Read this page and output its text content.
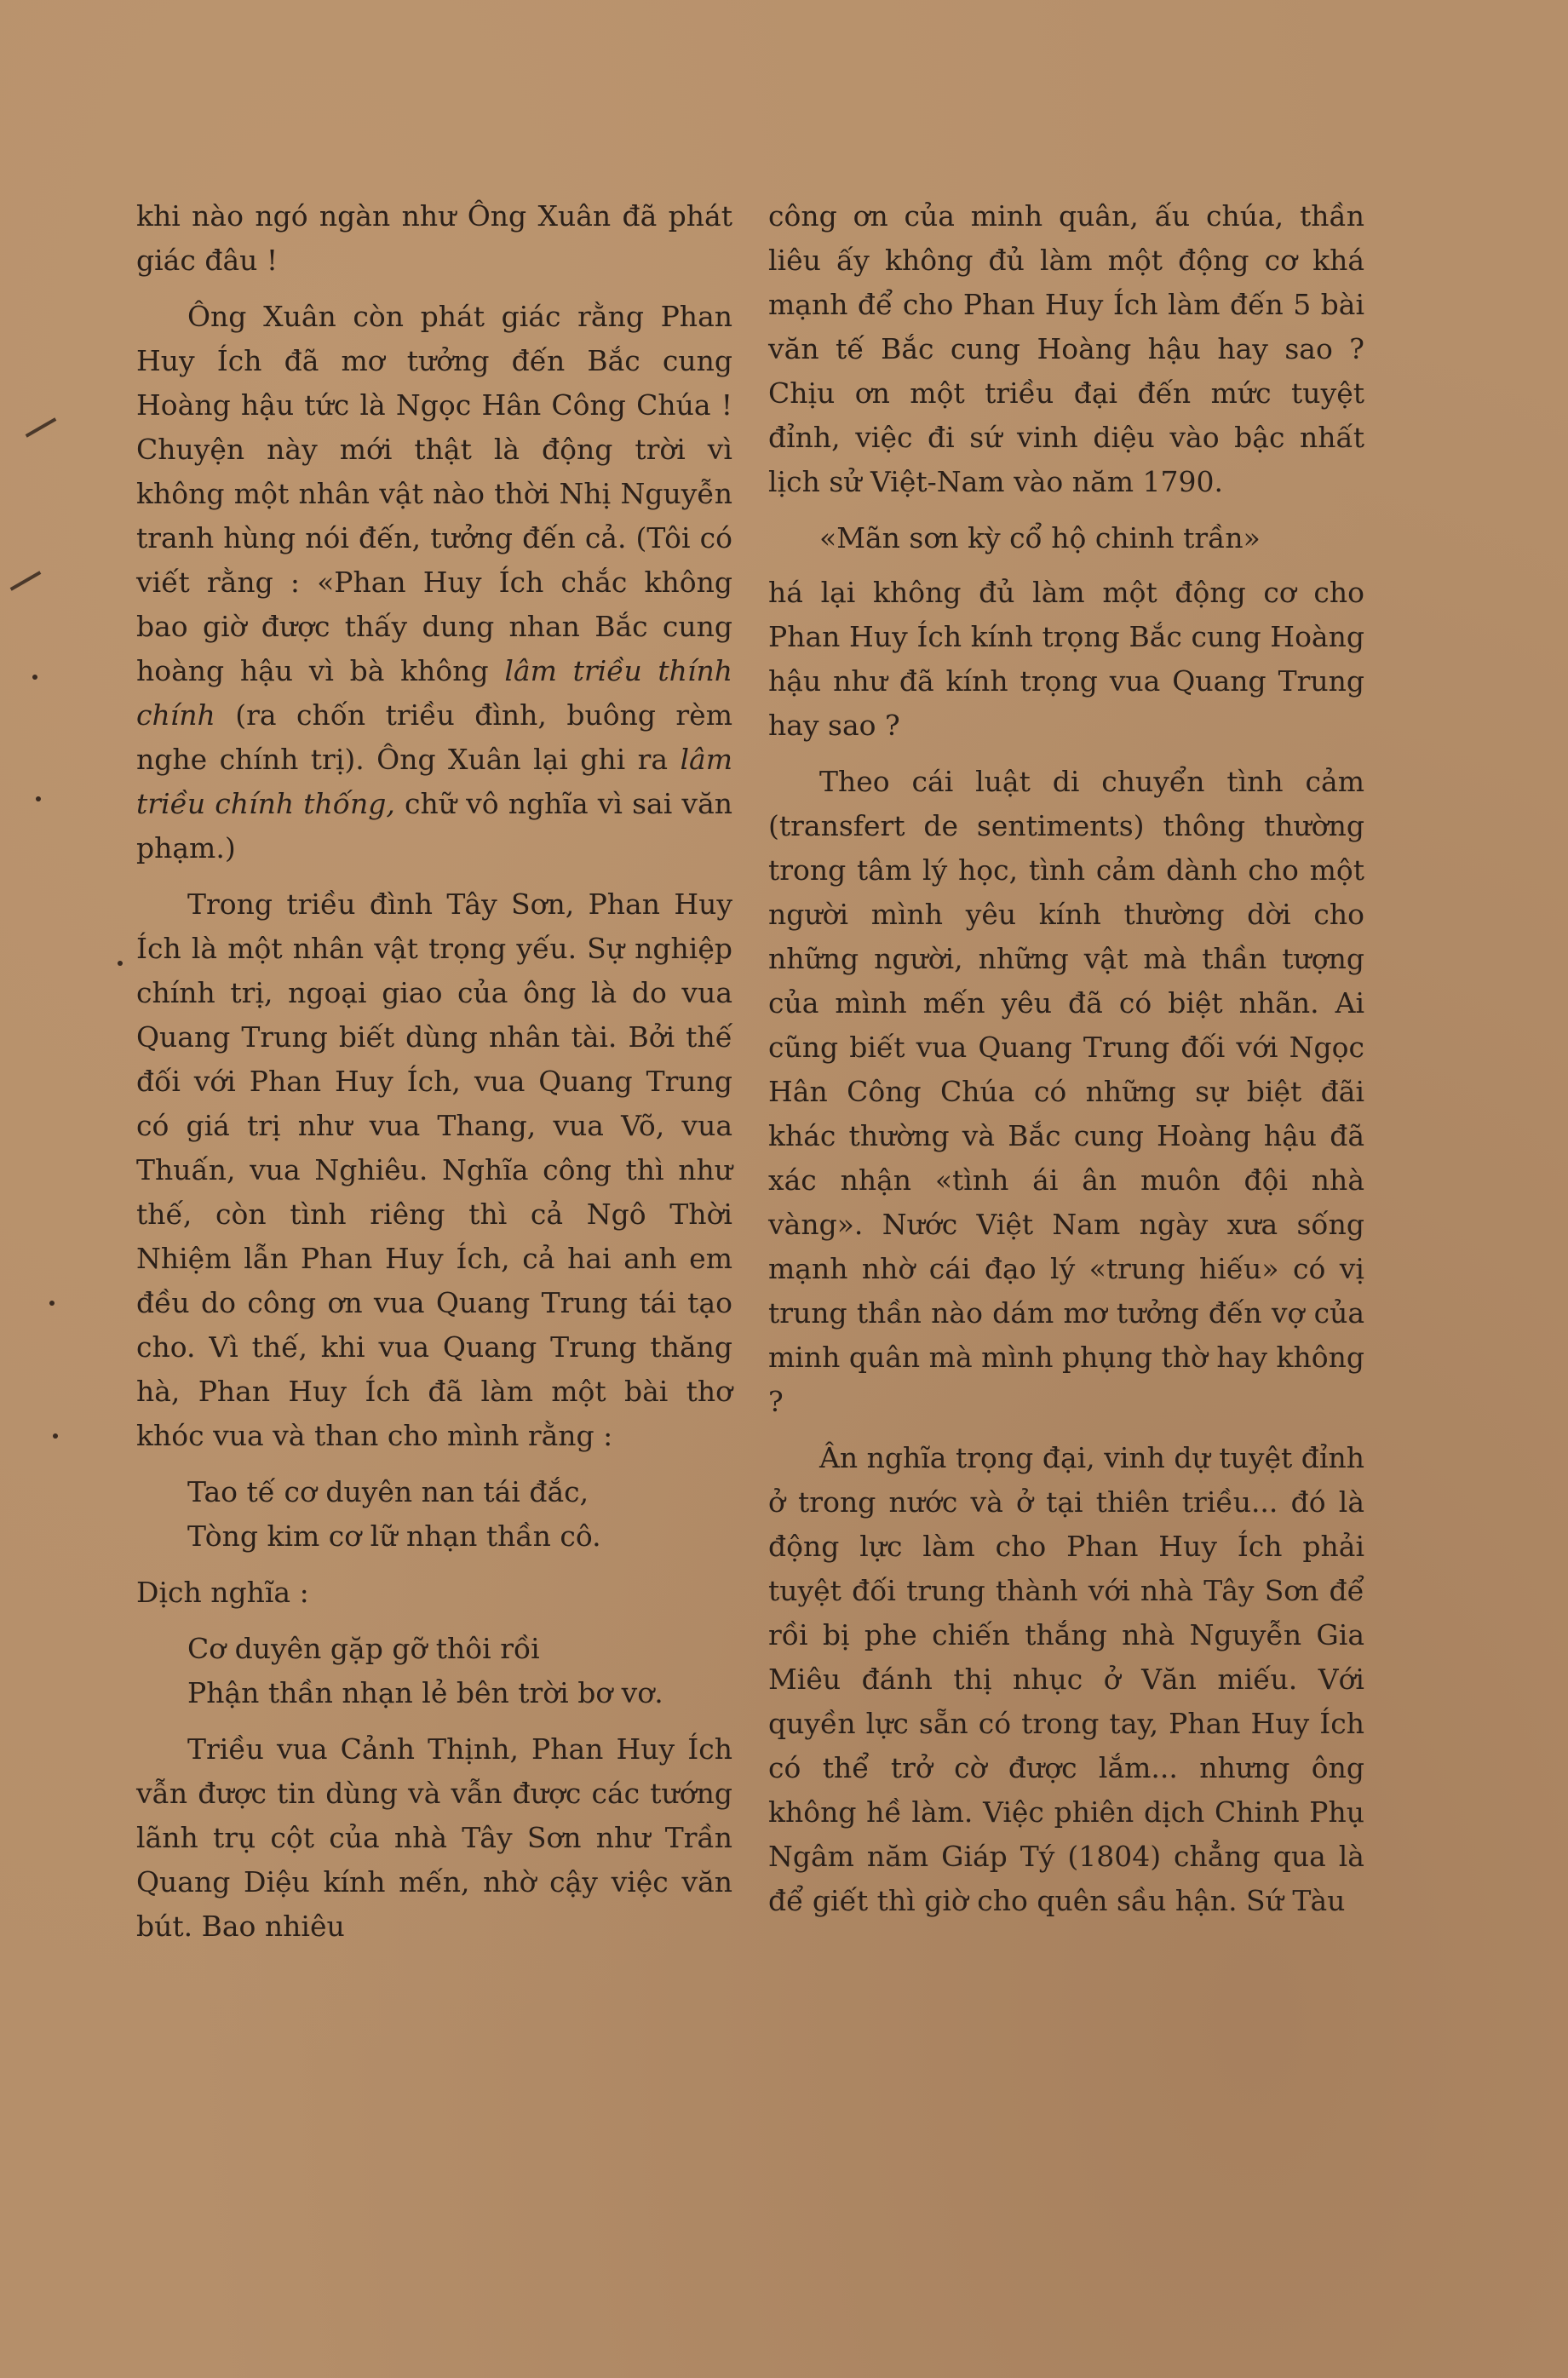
khi nào ngó ngàn như Ông Xuân đã phát giác đâu !

Ông Xuân còn phát giác rằng Phan Huy Ích đã mơ tưởng đến Bắc cung Hoàng hậu tức là Ngọc Hân Công Chúa ! Chuyện này mới thật là động trời vì không một nhân vật nào thời Nhị Nguyễn tranh hùng nói đến, tưởng đến cả. (Tôi có viết rằng : «Phan Huy Ích chắc không bao giờ được thấy dung nhan Bắc cung hoàng hậu vì bà không lâm triều thính chính (ra chốn triều đình, buông rèm nghe chính trị). Ông Xuân lại ghi ra lâm triều chính thống, chữ vô nghĩa vì sai văn phạm.)

Trong triều đình Tây Sơn, Phan Huy Ích là một nhân vật trọng yếu. Sự nghiệp chính trị, ngoại giao của ông là do vua Quang Trung biết dùng nhân tài. Bởi thế đối với Phan Huy Ích, vua Quang Trung có giá trị như vua Thang, vua Võ, vua Thuấn, vua Nghiêu. Nghĩa công thì như thế, còn tình riêng thì cả Ngô Thời Nhiệm lẫn Phan Huy Ích, cả hai anh em đều do công ơn vua Quang Trung tái tạo cho. Vì thế, khi vua Quang Trung thăng hà, Phan Huy Ích đã làm một bài thơ khóc vua và than cho mình rằng :

Tao tế cơ duyên nan tái đắc,
Tòng kim cơ lữ nhạn thần cô.

Dịch nghĩa :

Cơ duyên gặp gỡ thôi rồi
Phận thần nhạn lẻ bên trời bơ vơ.

Triều vua Cảnh Thịnh, Phan Huy Ích vẫn được tin dùng và vẫn được các tướng lãnh trụ cột của nhà Tây Sơn như Trần Quang Diệu kính mến, nhờ cậy việc văn bút. Bao nhiêu

công ơn của minh quân, ấu chúa, thần liêu ấy không đủ làm một động cơ khá mạnh để cho Phan Huy Ích làm đến 5 bài văn tế Bắc cung Hoàng hậu hay sao ? Chịu ơn một triều đại đến mức tuyệt đỉnh, việc đi sứ vinh diệu vào bậc nhất lịch sử Việt-Nam vào năm 1790.

«Mãn sơn kỳ cổ hộ chinh trần»

há lại không đủ làm một động cơ cho Phan Huy Ích kính trọng Bắc cung Hoàng hậu như đã kính trọng vua Quang Trung hay sao ?

Theo cái luật di chuyển tình cảm (transfert de sentiments) thông thường trong tâm lý học, tình cảm dành cho một người mình yêu kính thường dời cho những người, những vật mà thần tượng của mình mến yêu đã có biệt nhãn. Ai cũng biết vua Quang Trung đối với Ngọc Hân Công Chúa có những sự biệt đãi khác thường và Bắc cung Hoàng hậu đã xác nhận «tình ái ân muôn đội nhà vàng». Nước Việt Nam ngày xưa sống mạnh nhờ cái đạo lý «trung hiếu» có vị trung thần nào dám mơ tưởng đến vợ của minh quân mà mình phụng thờ hay không ?

Ân nghĩa trọng đại, vinh dự tuyệt đỉnh ở trong nước và ở tại thiên triều... đó là động lực làm cho Phan Huy Ích phải tuyệt đối trung thành với nhà Tây Sơn để rồi bị phe chiến thắng nhà Nguyễn Gia Miêu đánh thị nhục ở Văn miếu. Với quyền lực sẵn có trong tay, Phan Huy Ích có thể trở cờ được lắm... nhưng ông không hề làm. Việc phiên dịch Chinh Phụ Ngâm năm Giáp Tý (1804) chẳng qua là để giết thì giờ cho quên sầu hận. Sứ Tàu
